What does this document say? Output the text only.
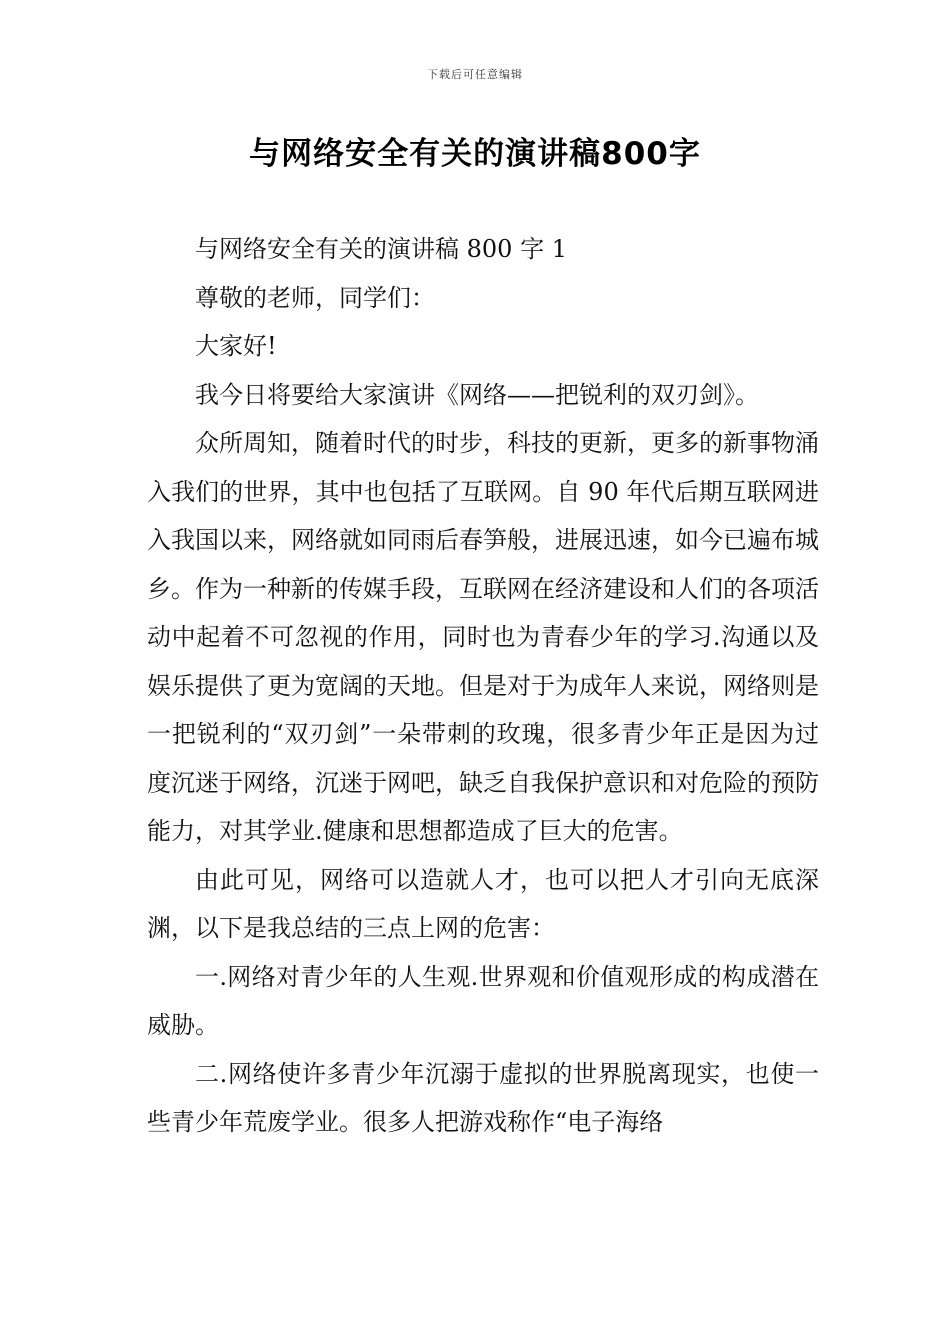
下载后可任意编辑
与网络安全有关的演讲稿800字

与网络安全有关的演讲稿 800 字 1

尊敬的老师，同学们：

大家好!

我今日将要给大家演讲《网络——把锐利的双刃剑》。

众所周知，随着时代的时步，科技的更新，更多的新事物涌入我们的世界，其中也包括了互联网。自 90 年代后期互联网进入我国以来，网络就如同雨后春笋般，进展迅速，如今已遍布城乡。作为一种新的传媒手段，互联网在经济建设和人们的各项活动中起着不可忽视的作用，同时也为青春少年的学习.沟通以及娱乐提供了更为宽阔的天地。但是对于为成年人来说，网络则是一把锐利的“双刃剑”一朵带刺的玫瑰，很多青少年正是因为过度沉迷于网络，沉迷于网吧，缺乏自我保护意识和对危险的预防能力，对其学业.健康和思想都造成了巨大的危害。

由此可见，网络可以造就人才，也可以把人才引向无底深渊，以下是我总结的三点上网的危害：

一.网络对青少年的人生观.世界观和价值观形成的构成潜在威胁。

二.网络使许多青少年沉溺于虚拟的世界脱离现实，也使一些青少年荒废学业。很多人把游戏称作“电子海络
